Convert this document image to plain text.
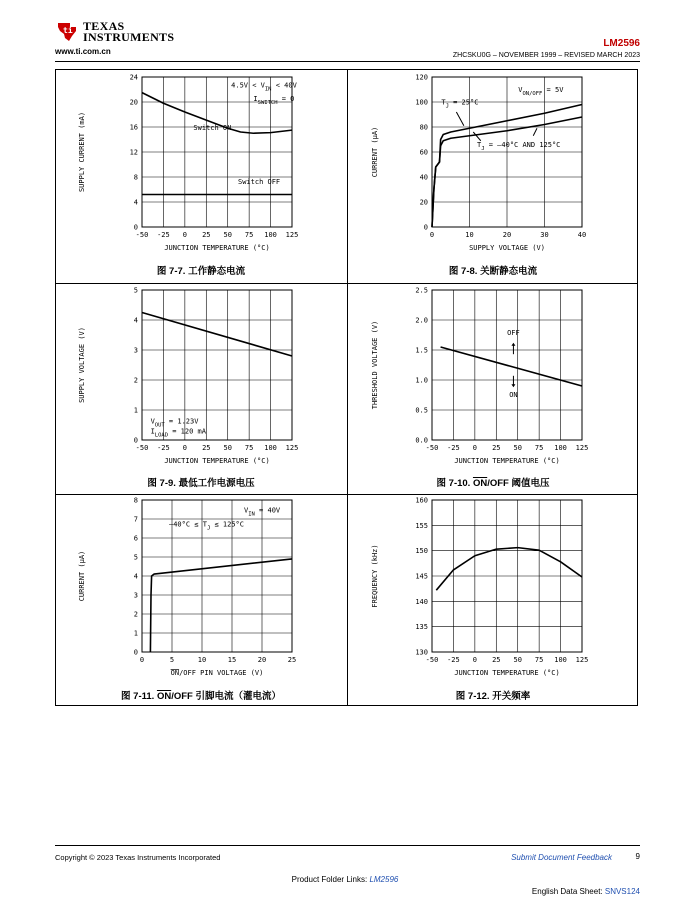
ti TEXAS
INSTRUMENTS
www.ti.com.cn
LM2596
ZHCSKU0G – NOVEMBER 1999 – REVISED MARCH 2023
-50 -25 0 25 50 75 100 125
0
4
8
12
16
20
24
JUNCTION TEMPERATURE (°C)
SUPPLY CURRENT (mA)
$4.5V < V_{IN} < 40V$
$I_{SWITCH} = 0$
Switch ON
Switch OFF
0	10	20	30	40
0
20
40
60
80
100
120
SUPPLY VOLTAGE (V)
CURRENT (µA)
$V_{ON/OFF} = 5V$
$T_J = 25^\circ C$
$T_J = -40^\circ C$ AND 125°C
-50 -25 0 25 50 75 100 125
0
1
2
3
4
5
JUNCTION TEMPERATURE (°C)
SUPPLY VOLTAGE (V)
$V_{OUT} = 1.23V$
$I_{LOAD} = 120$ mA
-50 -25 0 25 50 75 100 125
0.0
0.5
1.0
1.5
2.0
2.5
JUNCTION TEMPERATURE (°C)
THRESHOLD VOLTAGE (V)	OFF
ON
0	5	10	15	20	25
0
1
2
3
4
5
6
7
8
ON/OFF PIN VOLTAGE (V)
CURRENT (µA)
$V_{IN} = 40V$
$-40^\circ C \le T_J \le 125^\circ C$
-50 -25 0 25 50 75 100 125
130
135
140
145
150
155
160
JUNCTION TEMPERATURE (°C)
FREQUENCY (kHz)
图 7-7. 工作静态电流	图 7-8. 关断静态电流
图 7-9. 最低工作电源电压	图 7-10. $\overline{ON}$/OFF 阈值电压
图 7-11. $\overline{ON}$/OFF 引脚电流（灌电流）	图 7-12. 开关频率
Copyright © 2023 Texas Instruments Incorporated	Submit Document Feedback	9
Product Folder Links: LM2596
English Data Sheet: SNVS124
